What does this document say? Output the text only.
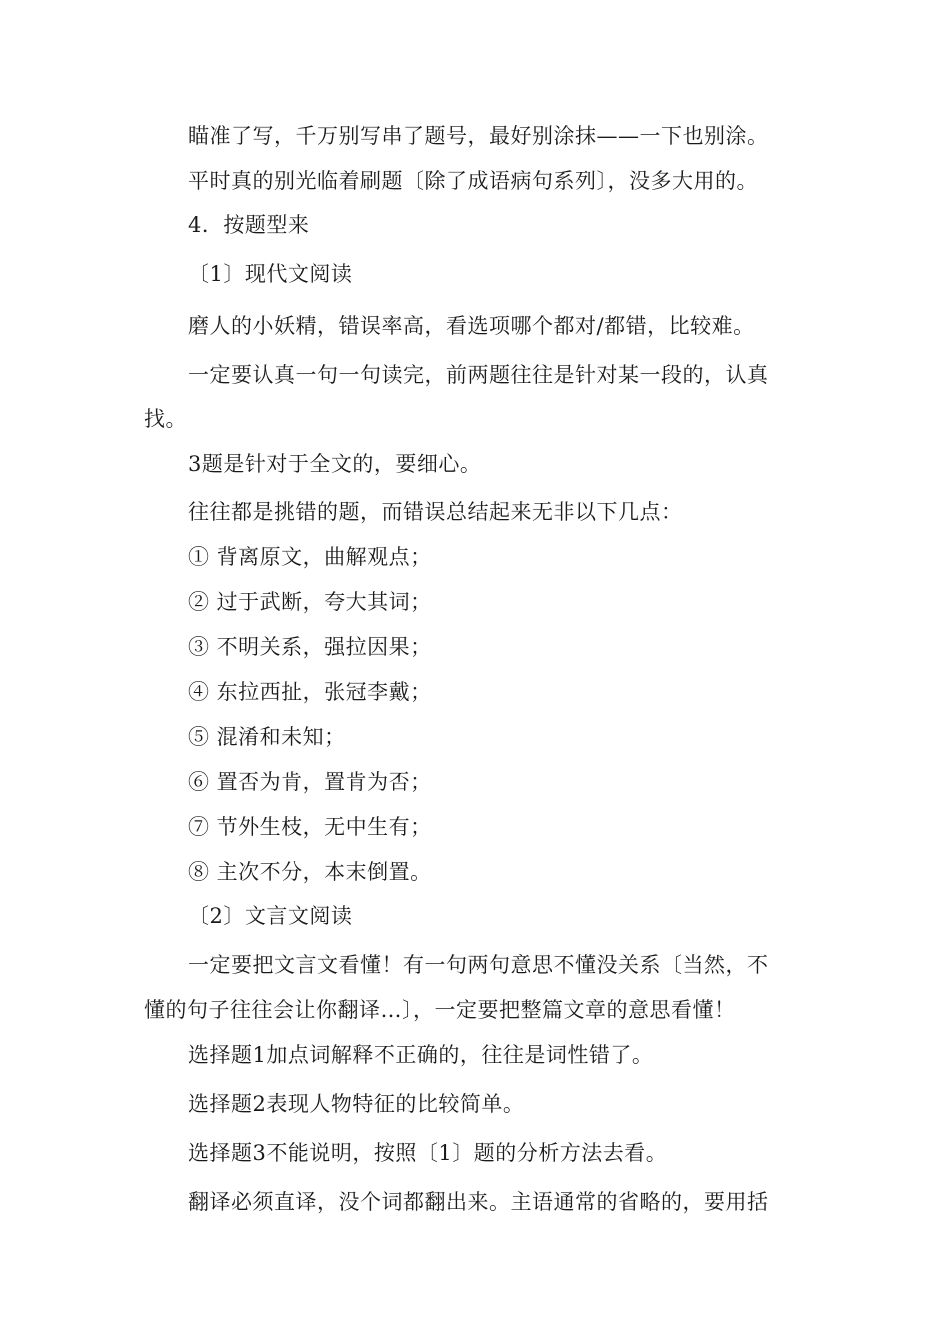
瞄准了写，千万别写串了题号，最好别涂抹——一下也别涂。
平时真的别光临着刷题〔除了成语病句系列〕，没多大用的。
4．按题型来
〔1〕现代文阅读
磨人的小妖精，错误率高，看选项哪个都对/都错，比较难。
一定要认真一句一句读完，前两题往往是针对某一段的，认真
找。
3题是针对于全文的，要细心。
往往都是挑错的题，而错误总结起来无非以下几点：
① 背离原文，曲解观点；
② 过于武断，夸大其词；
③ 不明关系，强拉因果；
④ 东拉西扯，张冠李戴；
⑤ 混淆和未知；
⑥ 置否为肯，置肯为否；
⑦ 节外生枝，无中生有；
⑧ 主次不分，本末倒置。
〔2〕文言文阅读
一定要把文言文看懂！有一句两句意思不懂没关系〔当然，不
懂的句子往往会让你翻译…〕，一定要把整篇文章的意思看懂！
选择题1加点词解释不正确的，往往是词性错了。
选择题2表现人物特征的比较简单。
选择题3不能说明，按照〔1〕题的分析方法去看。
翻译必须直译，没个词都翻出来。主语通常的省略的，要用括
